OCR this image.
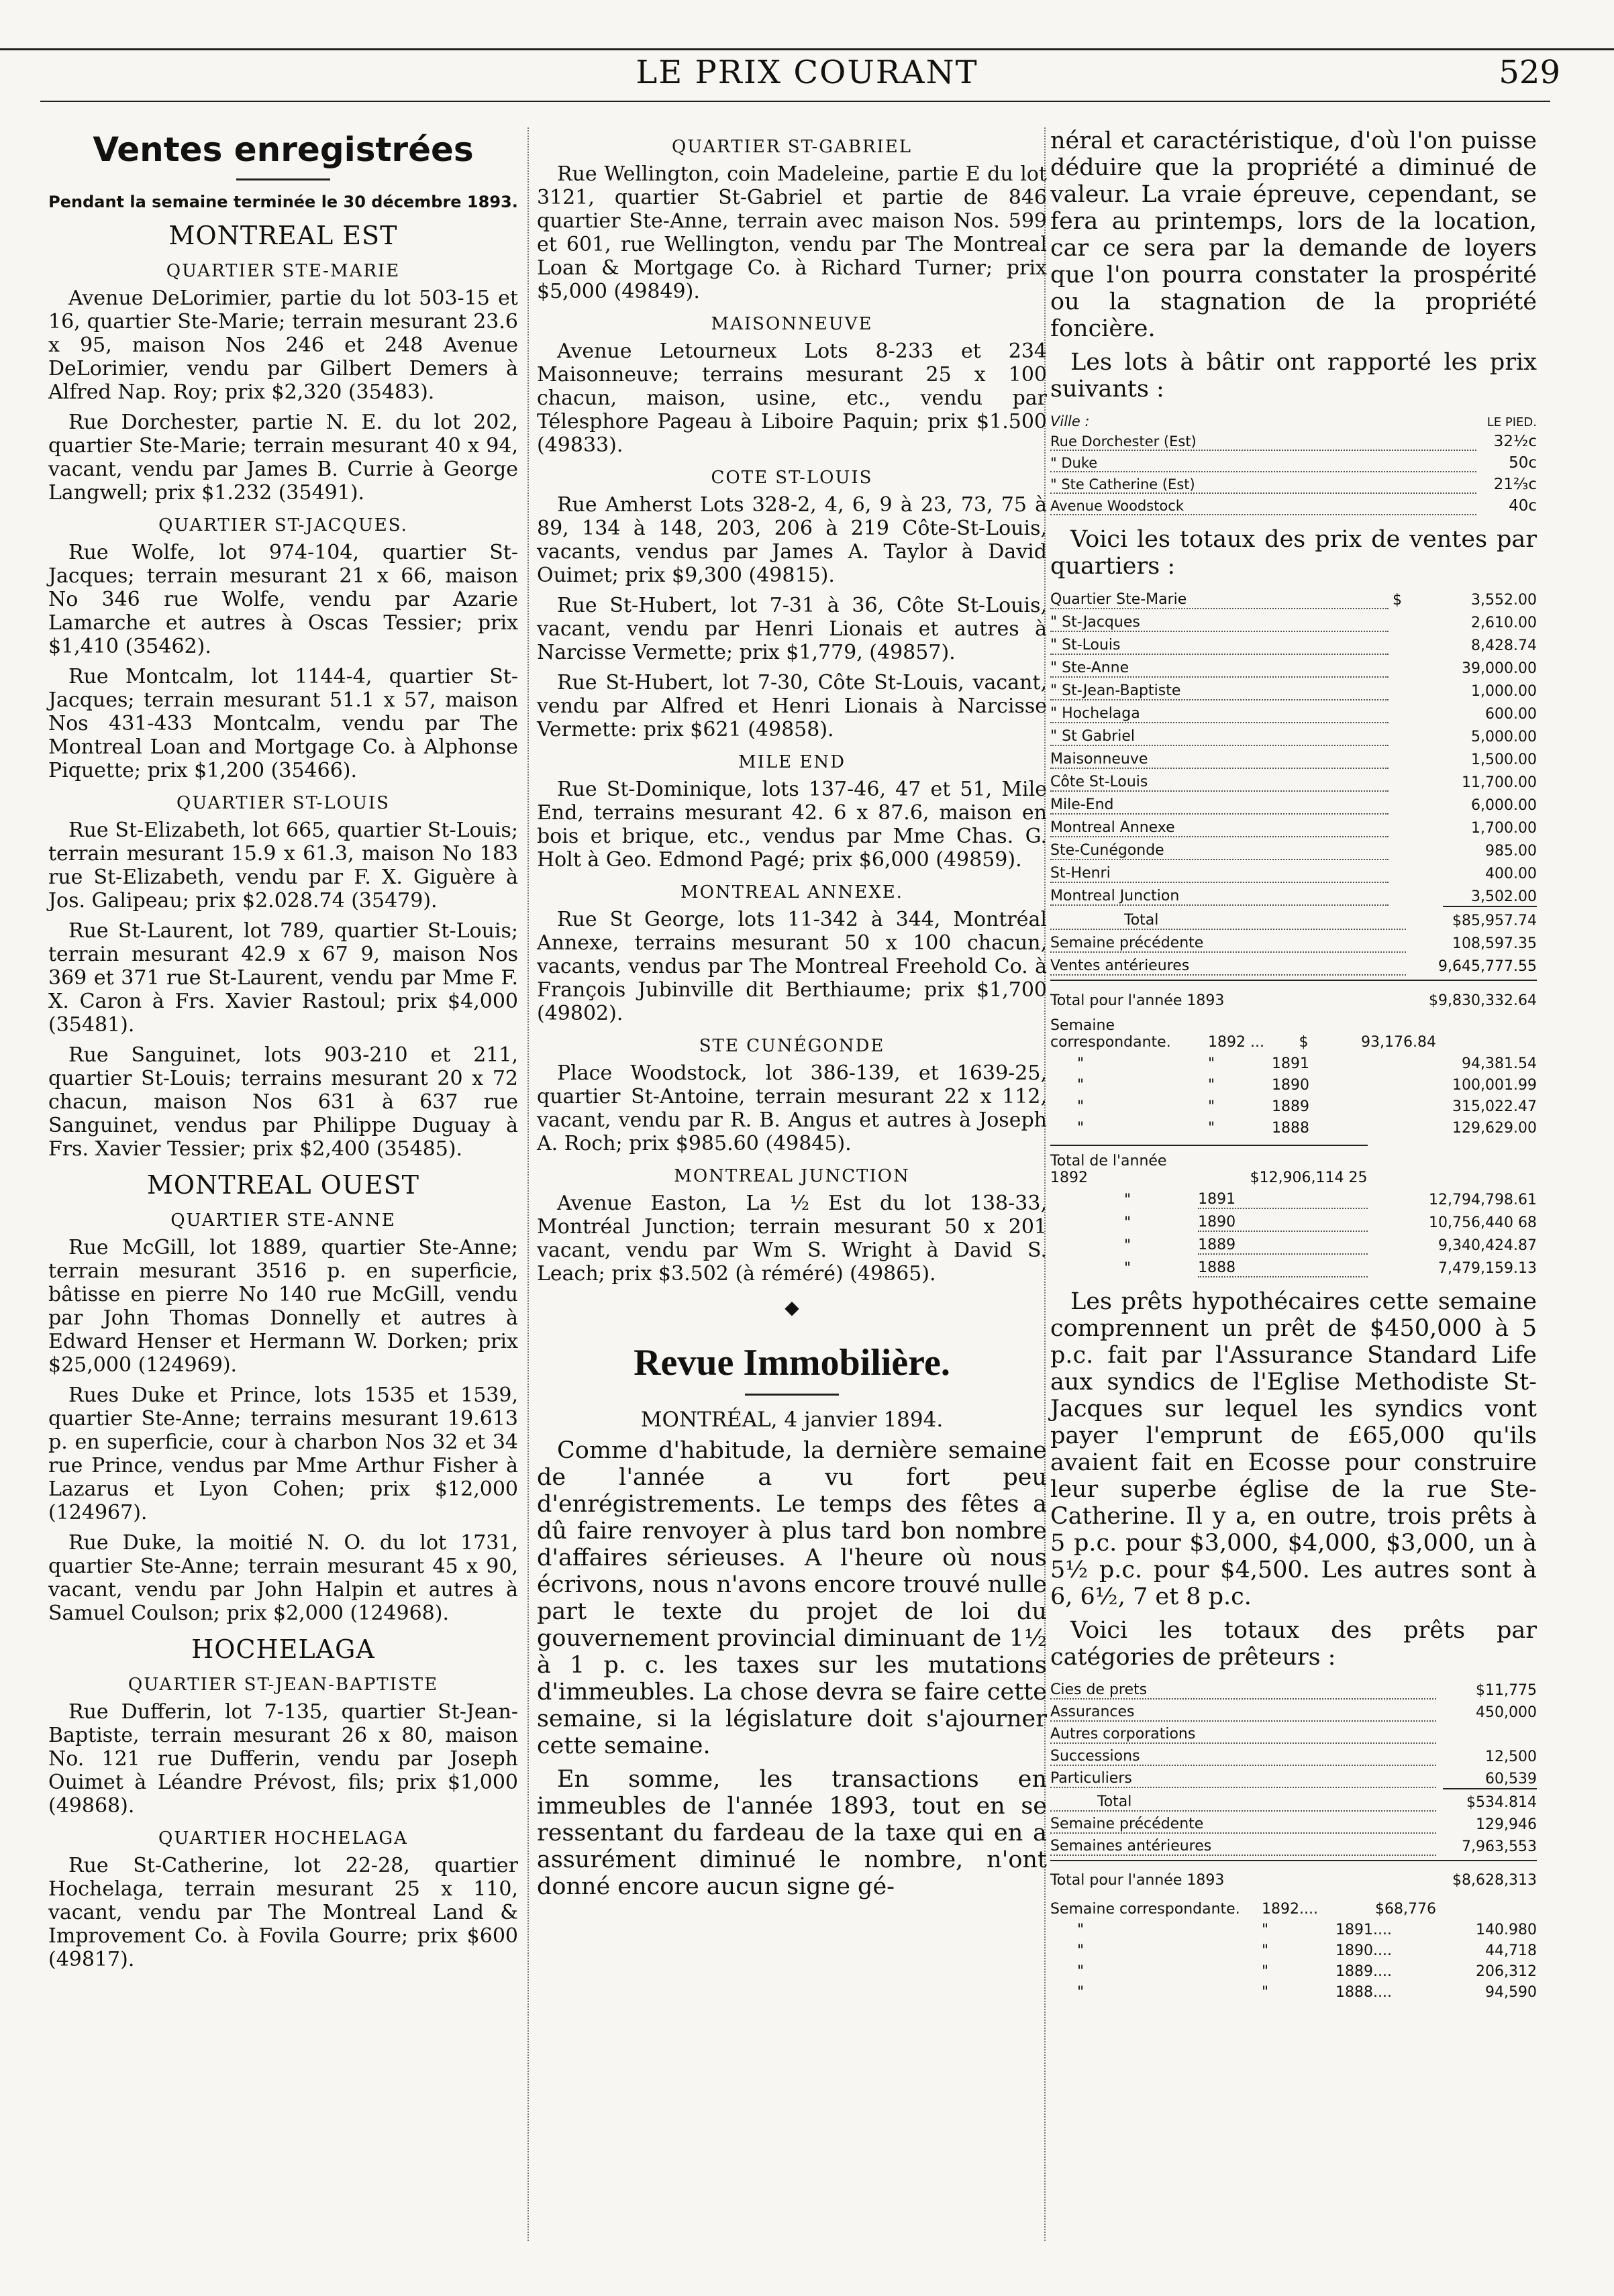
LE PRIX COURANT	529
Ventes enregistrées
Pendant la semaine terminée le 30 décembre 1893.
MONTREAL EST
QUARTIER STE-MARIE

Avenue DeLorimier, partie du lot 503-15 et 16, quartier Ste-Marie; terrain mesurant 23.6 x 95, maison Nos 246 et 248 Avenue DeLorimier, vendu par Gilbert Demers à Alfred Nap. Roy; prix $2,320 (35483).

Rue Dorchester, partie N. E. du lot 202, quartier Ste-Marie; terrain mesurant 40 x 94, vacant, vendu par James B. Currie à George Langwell; prix $1.232 (35491).

QUARTIER ST-JACQUES.

Rue Wolfe, lot 974-104, quartier St-Jacques; terrain mesurant 21 x 66, maison No 346 rue Wolfe, vendu par Azarie Lamarche et autres à Oscas Tessier; prix $1,410 (35462).

Rue Montcalm, lot 1144-4, quartier St-Jacques; terrain mesurant 51.1 x 57, maison Nos 431-433 Montcalm, vendu par The Montreal Loan and Mortgage Co. à Alphonse Piquette; prix $1,200 (35466).

QUARTIER ST-LOUIS

Rue St-Elizabeth, lot 665, quartier St-Louis; terrain mesurant 15.9 x 61.3, maison No 183 rue St-Elizabeth, vendu par F. X. Giguère à Jos. Galipeau; prix $2.028.74 (35479).

Rue St-Laurent, lot 789, quartier St-Louis; terrain mesurant 42.9 x 67 9, maison Nos 369 et 371 rue St-Laurent, vendu par Mme F. X. Caron à Frs. Xavier Rastoul; prix $4,000 (35481).

Rue Sanguinet, lots 903-210 et 211, quartier St-Louis; terrains mesurant 20 x 72 chacun, maison Nos 631 à 637 rue Sanguinet, vendus par Philippe Duguay à Frs. Xavier Tessier; prix $2,400 (35485).

MONTREAL OUEST
QUARTIER STE-ANNE

Rue McGill, lot 1889, quartier Ste-Anne; terrain mesurant 3516 p. en superficie, bâtisse en pierre No 140 rue McGill, vendu par John Thomas Donnelly et autres à Edward Henser et Hermann W. Dorken; prix $25,000 (124969).

Rues Duke et Prince, lots 1535 et 1539, quartier Ste-Anne; terrains mesurant 19.613 p. en superficie, cour à charbon Nos 32 et 34 rue Prince, vendus par Mme Arthur Fisher à Lazarus et Lyon Cohen; prix $12,000 (124967).

Rue Duke, la moitié N. O. du lot 1731, quartier Ste-Anne; terrain mesurant 45 x 90, vacant, vendu par John Halpin et autres à Samuel Coulson; prix $2,000 (124968).

HOCHELAGA
QUARTIER ST-JEAN-BAPTISTE

Rue Dufferin, lot 7-135, quartier St-Jean-Baptiste, terrain mesurant 26 x 80, maison No. 121 rue Dufferin, vendu par Joseph Ouimet à Léandre Prévost, fils; prix $1,000 (49868).

QUARTIER HOCHELAGA

Rue St-Catherine, lot 22-28, quartier Hochelaga, terrain mesurant 25 x 110, vacant, vendu par The Montreal Land & Improvement Co. à Fovila Gourre; prix $600 (49817).

QUARTIER ST-GABRIEL

Rue Wellington, coin Madeleine, partie E du lot 3121, quartier St-Gabriel et partie de 846 quartier Ste-Anne, terrain avec maison Nos. 599 et 601, rue Wellington, vendu par The Montreal Loan & Mortgage Co. à Richard Turner; prix $5,000 (49849).

MAISONNEUVE

Avenue Letourneux Lots 8-233 et 234 Maisonneuve; terrains mesurant 25 x 100 chacun, maison, usine, etc., vendu par Télesphore Pageau à Liboire Paquin; prix $1.500 (49833).

COTE ST-LOUIS

Rue Amherst Lots 328-2, 4, 6, 9 à 23, 73, 75 à 89, 134 à 148, 203, 206 à 219 Côte-St-Louis, vacants, vendus par James A. Taylor à David Ouimet; prix $9,300 (49815).

Rue St-Hubert, lot 7-31 à 36, Côte St-Louis, vacant, vendu par Henri Lionais et autres à Narcisse Vermette; prix $1,779, (49857).

Rue St-Hubert, lot 7-30, Côte St-Louis, vacant, vendu par Alfred et Henri Lionais à Narcisse Vermette: prix $621 (49858).

MILE END

Rue St-Dominique, lots 137-46, 47 et 51, Mile End, terrains mesurant 42. 6 x 87.6, maison en bois et brique, etc., vendus par Mme Chas. G. Holt à Geo. Edmond Pagé; prix $6,000 (49859).

MONTREAL ANNEXE.

Rue St George, lots 11-342 à 344, Montréal Annexe, terrains mesurant 50 x 100 chacun, vacants, vendus par The Montreal Freehold Co. à François Jubinville dit Berthiaume; prix $1,700 (49802).

STE CUNÉGONDE

Place Woodstock, lot 386-139, et 1639-25, quartier St-Antoine, terrain mesurant 22 x 112, vacant, vendu par R. B. Angus et autres à Joseph A. Roch; prix $985.60 (49845).

MONTREAL JUNCTION

Avenue Easton, La ½ Est du lot 138-33, Montréal Junction; terrain mesurant 50 x 201 vacant, vendu par Wm S. Wright à David S. Leach; prix $3.502 (à réméré) (49865).

◆
Revue Immobilière.
MONTRÉAL, 4 janvier 1894.

Comme d'habitude, la dernière semaine de l'année a vu fort peu d'enrégistrements. Le temps des fêtes a dû faire renvoyer à plus tard bon nombre d'affaires sérieuses. A l'heure où nous écrivons, nous n'avons encore trouvé nulle part le texte du projet de loi du gouvernement provincial diminuant de 1½ à 1 p. c. les taxes sur les mutations d'immeubles. La chose devra se faire cette semaine, si la législature doit s'ajourner cette semaine.

En somme, les transactions en immeubles de l'année 1893, tout en se ressentant du fardeau de la taxe qui en a assurément diminué le nombre, n'ont donné encore aucun signe gé-

néral et caractéristique, d'où l'on puisse déduire que la propriété a diminué de valeur. La vraie épreuve, cependant, se fera au printemps, lors de la location, car ce sera par la demande de loyers que l'on pourra constater la prospérité ou la stagnation de la propriété foncière.

Les lots à bâtir ont rapporté les prix suivants :

Ville :	LE PIED.
Rue Dorchester (Est)	32½c
" Duke	50c
" Ste Catherine (Est)	21⅔c
Avenue Woodstock	40c

Voici les totaux des prix de ventes par quartiers :

Quartier Ste-Marie	$	3,552.00
" St-Jacques		2,610.00
" St-Louis		8,428.74
" Ste-Anne		39,000.00
" St-Jean-Baptiste		1,000.00
" Hochelaga		600.00
" St Gabriel		5,000.00
Maisonneuve		1,500.00
Côte St-Louis		11,700.00
Mile-End		6,000.00
Montreal Annexe		1,700.00
Ste-Cunégonde		985.00
St-Henri		400.00
Montreal Junction		3,502.00
Total	$85,957.74
Semaine précédente	108,597.35
Ventes antérieures	9,645,777.55
Total pour l'année 1893	$9,830,332.64
Semaine correspondante.	1892 ...	$	93,176.84	
"	"	1891		94,381.54
"	"	1890		100,001.99
"	"	1889		315,022.47
"	"	1888		129,629.00
Total de l'année 1892	$12,906,114 25	
"	1891	12,794,798.61
"	1890	10,756,440 68
"	1889	9,340,424.87
"	1888	7,479,159.13

Les prêts hypothécaires cette semaine comprennent un prêt de $450,000 à 5 p.c. fait par l'Assurance Standard Life aux syndics de l'Eglise Methodiste St-Jacques sur lequel les syndics vont payer l'emprunt de £65,000 qu'ils avaient fait en Ecosse pour construire leur superbe église de la rue Ste-Catherine. Il y a, en outre, trois prêts à 5 p.c. pour $3,000, $4,000, $3,000, un à 5½ p.c. pour $4,500. Les autres sont à 6, 6½, 7 et 8 p.c.

Voici les totaux des prêts par catégories de prêteurs :

Cies de prets	$11,775
Assurances	450,000
Autres corporations	
Successions	12,500
Particuliers	60,539
Total	$534.814
Semaine précédente	129,946
Semaines antérieures	7,963,553
Total pour l'année 1893	$8,628,313
Semaine correspondante.	1892....	$68,776	
"	"	1891....	140.980
"	"	1890....	44,718
"	"	1889....	206,312
"	"	1888....	94,590
